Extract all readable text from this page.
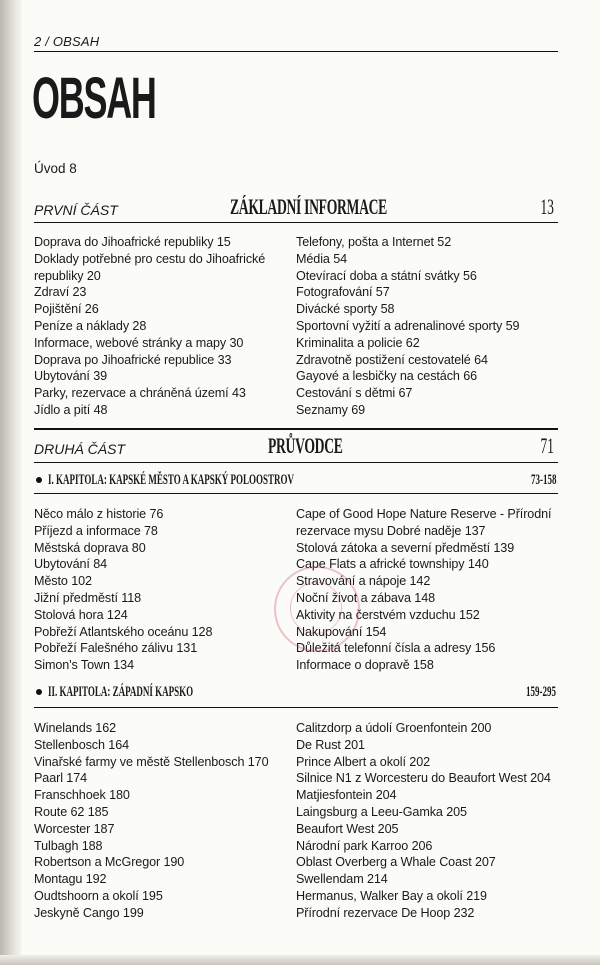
2 / OBSAH
OBSAH
Úvod 8
PRVNÍ ČÁST	ZÁKLADNÍ INFORMACE	13
Doprava do Jihoafrické republiky 15
Doklady potřebné pro cestu do Jihoafrické
republiky 20
Zdraví 23
Pojištění 26
Peníze a náklady 28
Informace, webové stránky a mapy 30
Doprava po Jihoafrické republice 33
Ubytování 39
Parky, rezervace a chráněná území 43
Jídlo a pití 48
Telefony, pošta a Internet 52
Média 54
Otevírací doba a státní svátky 56
Fotografování 57
Divácké sporty 58
Sportovní vyžití a adrenalinové sporty 59
Kriminalita a policie 62
Zdravotně postižení cestovatelé 64
Gayové a lesbičky na cestách 66
Cestování s dětmi 67
Seznamy 69
DRUHÁ ČÁST	PRŮVODCE	71
I. KAPITOLA: KAPSKÉ MĚSTO A KAPSKÝ POLOOSTROV	73-158
Něco málo z historie 76
Příjezd a informace 78
Městská doprava 80
Ubytování 84
Město 102
Jižní předměstí 118
Stolová hora 124
Pobřeží Atlantského oceánu 128
Pobřeží Falešného zálivu 131
Simon's Town 134
Cape of Good Hope Nature Reserve - Přírodní
rezervace mysu Dobré naděje 137
Stolová zátoka a severní předměstí 139
Cape Flats a africké townshipy 140
Stravování a nápoje 142
Noční život a zábava 148
Aktivity na čerstvém vzduchu 152
Nakupování 154
Důležitá telefonní čísla a adresy 156
Informace o dopravě 158
II. KAPITOLA: ZÁPADNÍ KAPSKO	159-295
Winelands 162
Stellenbosch 164
Vinařské farmy ve městě Stellenbosch 170
Paarl 174
Franschhoek 180
Route 62 185
Worcester 187
Tulbagh 188
Robertson a McGregor 190
Montagu 192
Oudtshoorn a okolí 195
Jeskyně Cango 199
Calitzdorp a údolí Groenfontein 200
De Rust 201
Prince Albert a okolí 202
Silnice N1 z Worcesteru do Beaufort West 204
Matjiesfontein 204
Laingsburg a Leeu-Gamka 205
Beaufort West 205
Národní park Karroo 206
Oblast Overberg a Whale Coast 207
Swellendam 214
Hermanus, Walker Bay a okolí 219
Přírodní rezervace De Hoop 232
